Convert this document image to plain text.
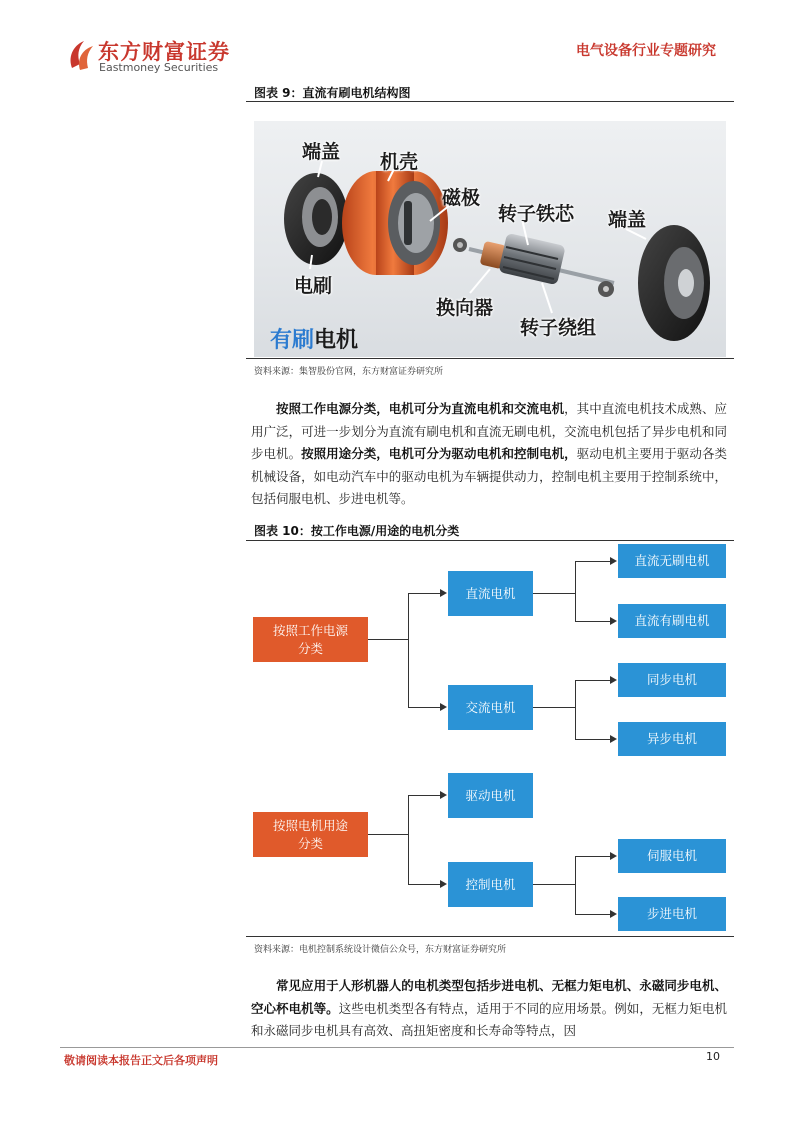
东方财富证券
Eastmoney Securities
电气设备行业专题研究
图表 9：直流有刷电机结构图
端盖 机壳
磁极
转子铁芯 端盖
电刷
换向器
转子绕组
有刷电机
资料来源：集智股份官网，东方财富证券研究所
按照工作电源分类，电机可分为直流电机和交流电机，其中直流电机技术成熟、应用广泛，可进一步划分为直流有刷电机和直流无刷电机，交流电机包括了异步电机和同步电机。按照用途分类，电机可分为驱动电机和控制电机，驱动电机主要用于驱动各类机械设备，如电动汽车中的驱动电机为车辆提供动力，控制电机主要用于控制系统中，包括伺服电机、步进电机等。
图表 10：按工作电源/用途的电机分类
按照工作电源
分类
直流电机
交流电机
直流无刷电机
直流有刷电机
同步电机
异步电机
按照电机用途
分类
驱动电机
控制电机
伺服电机
步进电机
资料来源：电机控制系统设计微信公众号，东方财富证券研究所
常见应用于人形机器人的电机类型包括步进电机、无框力矩电机、永磁同步电机、空心杯电机等。这些电机类型各有特点，适用于不同的应用场景。例如，无框力矩电机和永磁同步电机具有高效、高扭矩密度和长寿命等特点，因
敬请阅读本报告正文后各项声明	10
